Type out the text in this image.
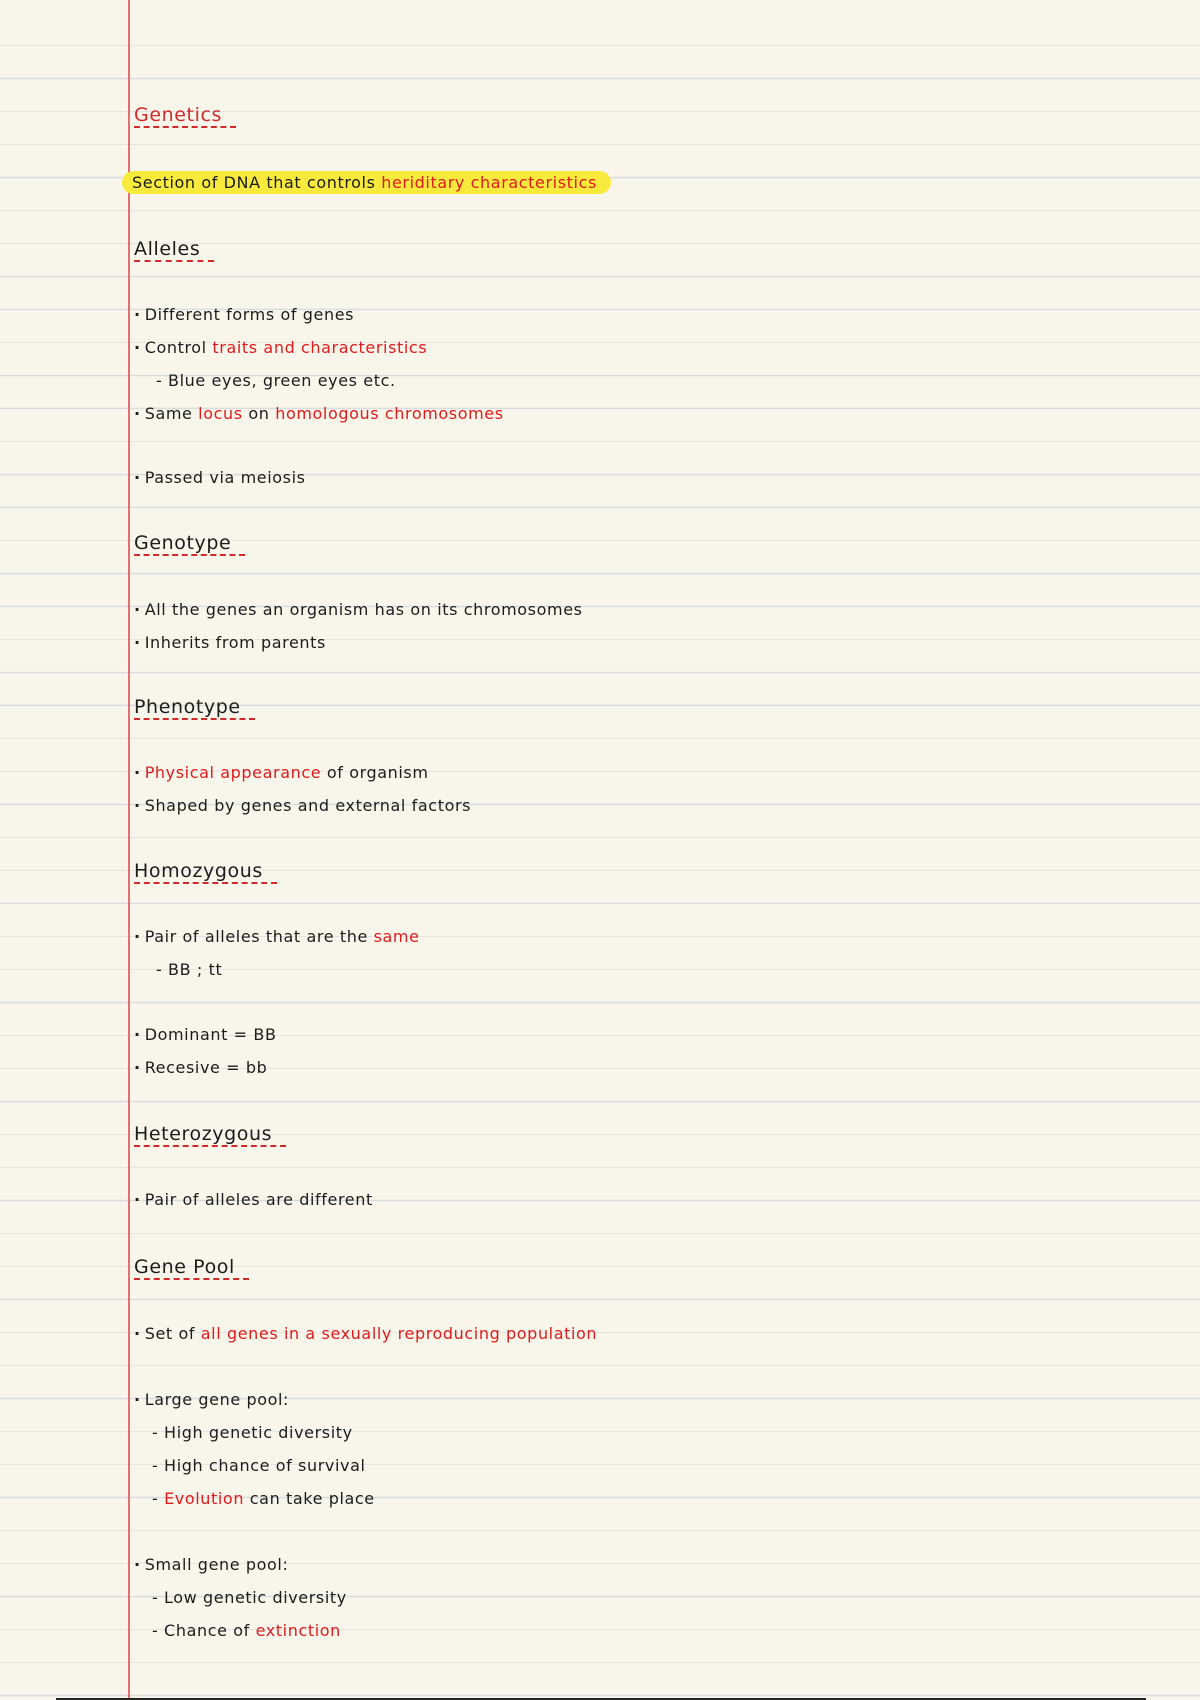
Genetics
Section of DNA that controls heriditary characteristics
Alleles
· Different forms of genes
· Control traits and characteristics
- Blue eyes, green eyes etc.
· Same locus on homologous chromosomes
· Passed via meiosis
Genotype
· All the genes an organism has on its chromosomes
· Inherits from parents
Phenotype
· Physical appearance of organism
· Shaped by genes and external factors
Homozygous
· Pair of alleles that are the same
- BB ; tt
· Dominant = BB
· Recesive = bb
Heterozygous
· Pair of alleles are different
Gene Pool
· Set of all genes in a sexually reproducing population
· Large gene pool:
- High genetic diversity
- High chance of survival
- Evolution can take place
· Small gene pool:
- Low genetic diversity
- Chance of extinction
